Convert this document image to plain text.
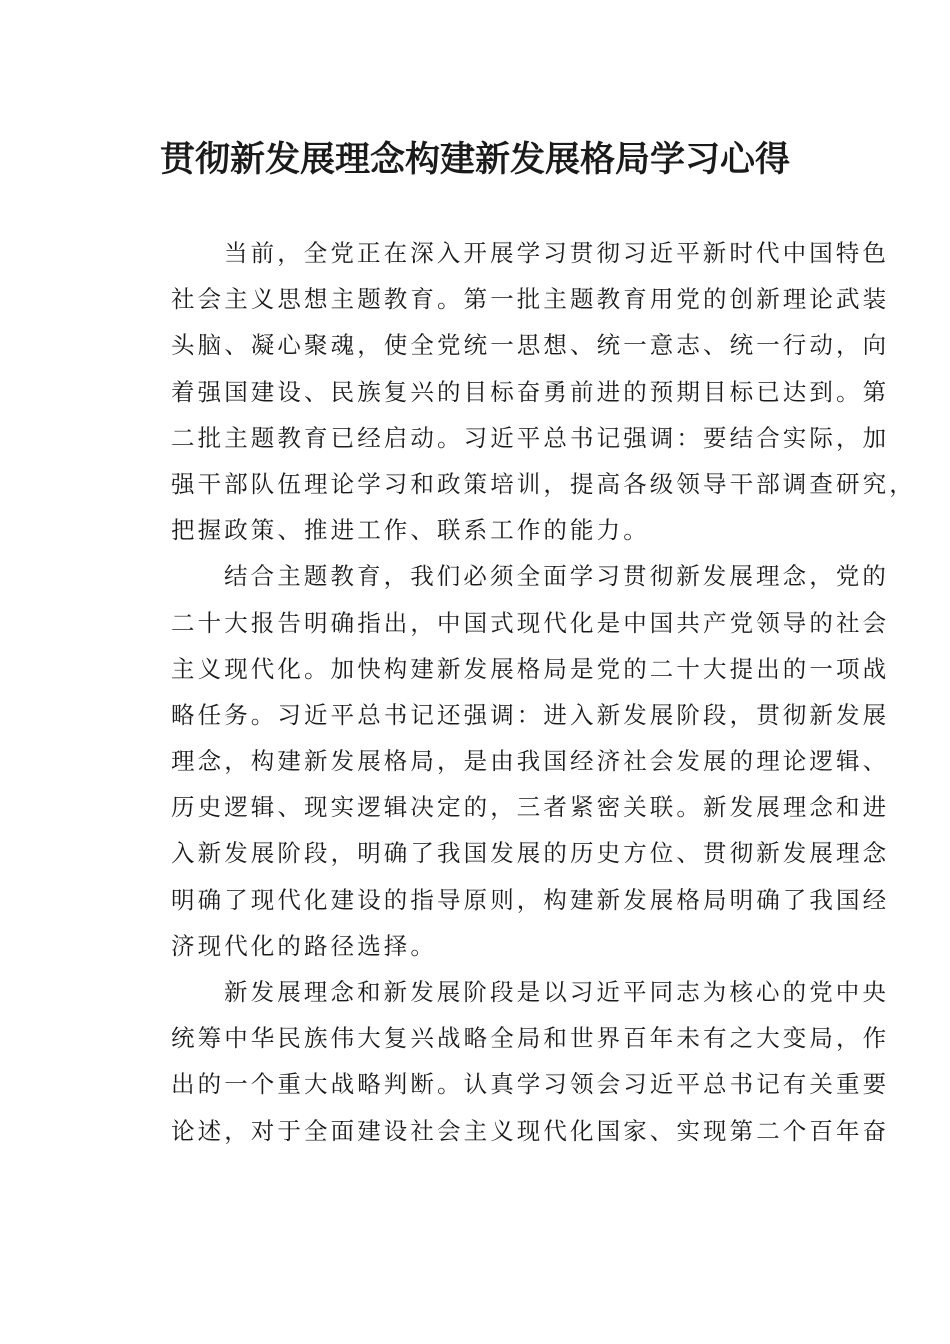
贯彻新发展理念构建新发展格局学习心得
当前，全党正在深入开展学习贯彻习近平新时代中国特色
社会主义思想主题教育。第一批主题教育用党的创新理论武装
头脑、凝心聚魂，使全党统一思想、统一意志、统一行动，向
着强国建设、民族复兴的目标奋勇前进的预期目标已达到。第
二批主题教育已经启动。习近平总书记强调：要结合实际，加
强干部队伍理论学习和政策培训，提高各级领导干部调查研究，
把握政策、推进工作、联系工作的能力。
结合主题教育，我们必须全面学习贯彻新发展理念，党的
二十大报告明确指出，中国式现代化是中国共产党领导的社会
主义现代化。加快构建新发展格局是党的二十大提出的一项战
略任务。习近平总书记还强调：进入新发展阶段，贯彻新发展
理念，构建新发展格局，是由我国经济社会发展的理论逻辑、
历史逻辑、现实逻辑决定的，三者紧密关联。新发展理念和进
入新发展阶段，明确了我国发展的历史方位、贯彻新发展理念
明确了现代化建设的指导原则，构建新发展格局明确了我国经
济现代化的路径选择。
新发展理念和新发展阶段是以习近平同志为核心的党中央
统筹中华民族伟大复兴战略全局和世界百年未有之大变局，作
出的一个重大战略判断。认真学习领会习近平总书记有关重要
论述，对于全面建设社会主义现代化国家、实现第二个百年奋
